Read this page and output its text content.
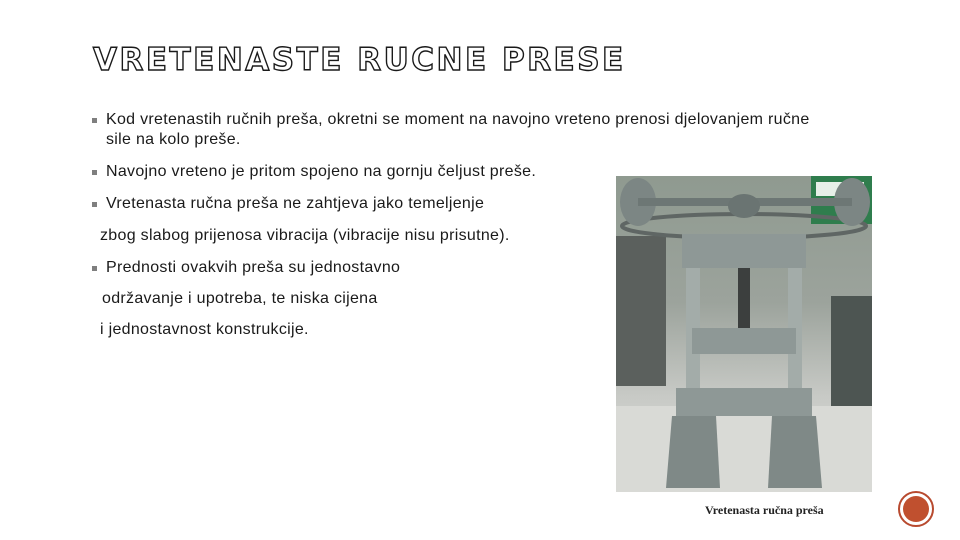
VRETENASTE RUCNE PRESE
Kod vretenastih ručnih preša, okretni se moment na navojno vreteno prenosi djelovanjem ručne
sile na kolo preše.
Navojno vreteno je pritom spojeno na gornju čeljust preše.
Vretenasta ručna preša ne zahtjeva jako temeljenje
zbog slabog prijenosa vibracija (vibracije nisu prisutne).
Prednosti ovakvih preša su jednostavno
održavanje i upotreba, te niska cijena
i jednostavnost konstrukcije.
Vretenasta ručna preša
